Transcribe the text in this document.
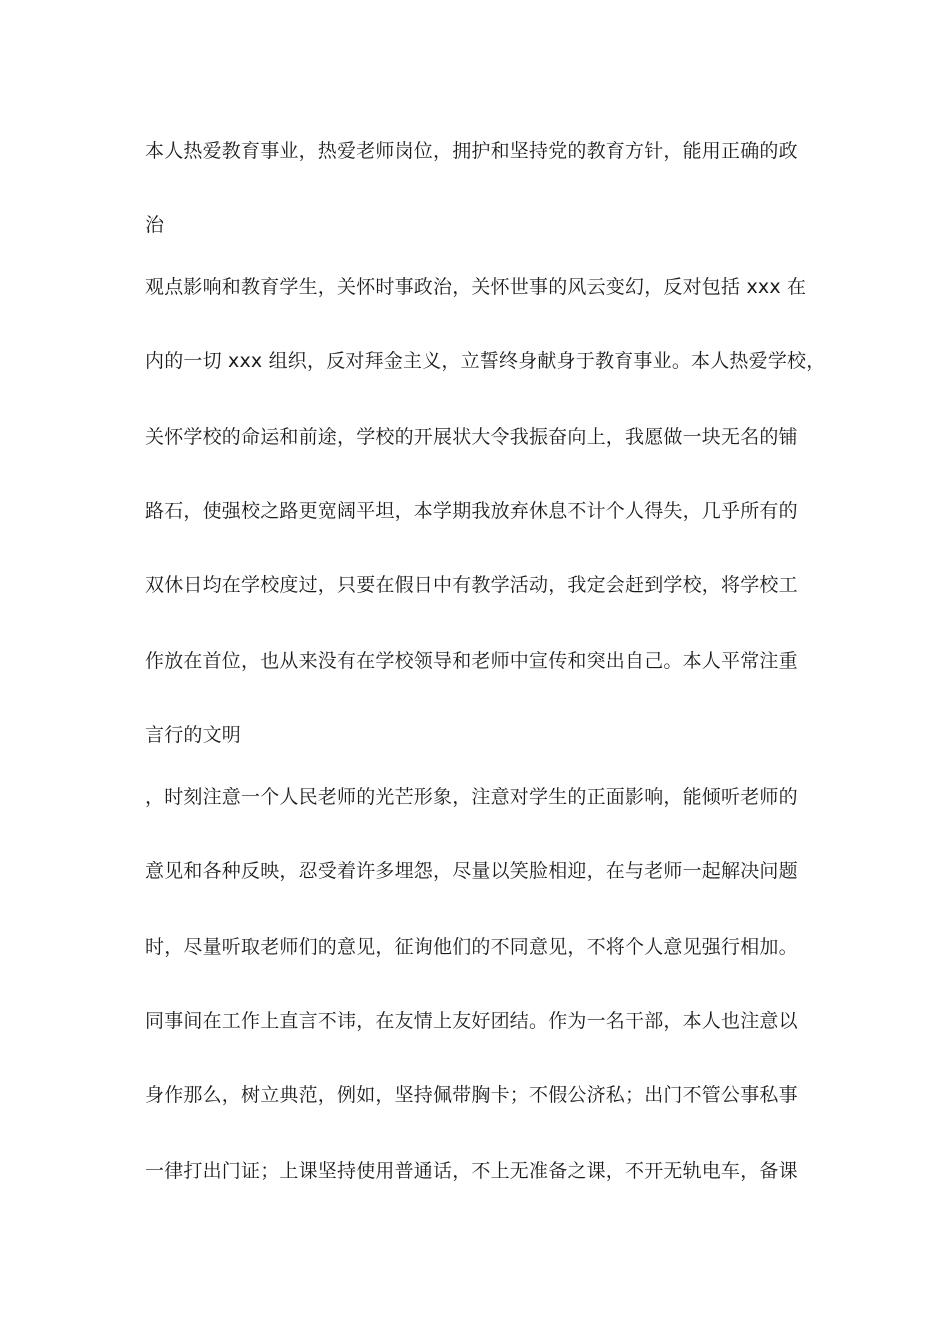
本人热爱教育事业，热爱老师岗位，拥护和坚持党的教育方针，能用正确的政
治
观点影响和教育学生，关怀时事政治，关怀世事的风云变幻，反对包括 xxx 在
内的一切 xxx 组织，反对拜金主义，立誓终身献身于教育事业。本人热爱学校，
关怀学校的命运和前途，学校的开展状大令我振奋向上，我愿做一块无名的铺
路石，使强校之路更宽阔平坦，本学期我放弃休息不计个人得失，几乎所有的
双休日均在学校度过，只要在假日中有教学活动，我定会赶到学校，将学校工
作放在首位，也从来没有在学校领导和老师中宣传和突出自己。本人平常注重
言行的文明
，时刻注意一个人民老师的光芒形象，注意对学生的正面影响，能倾听老师的
意见和各种反映，忍受着许多埋怨，尽量以笑脸相迎，在与老师一起解决问题
时，尽量听取老师们的意见，征询他们的不同意见，不将个人意见强行相加。
同事间在工作上直言不讳，在友情上友好团结。作为一名干部，本人也注意以
身作那么，树立典范，例如，坚持佩带胸卡；不假公济私；出门不管公事私事
一律打出门证；上课坚持使用普通话，不上无准备之课，不开无轨电车，备课
